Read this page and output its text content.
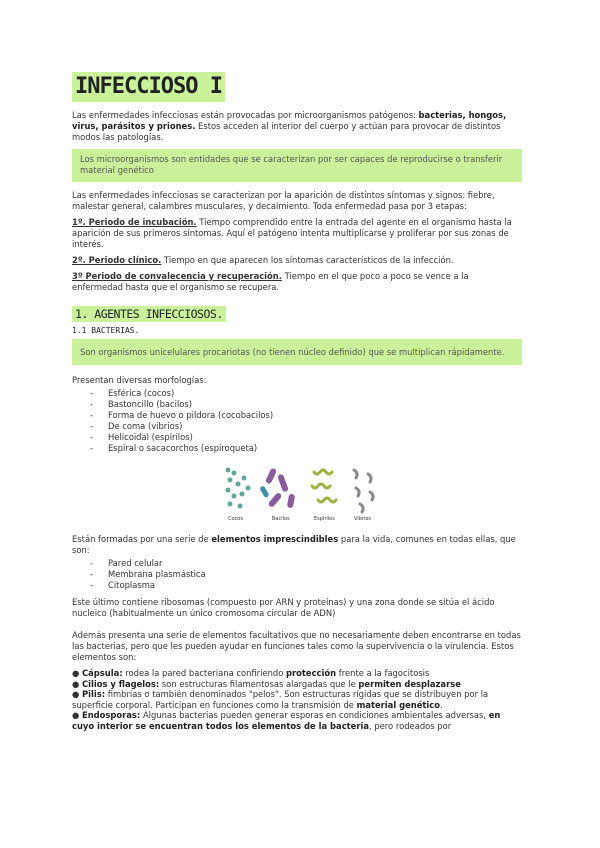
INFECCIOSO I

Las enfermedades infecciosas están provocadas por microorganismos patógenos: bacterias, hongos, virus, parásitos y priones. Estos acceden al interior del cuerpo y actúan para provocar de distintos modos las patologías.

Los microorganismos son entidades que se caracterizan por ser capaces de reproducirse o transferir material genético

Las enfermedades infecciosas se caracterizan por la aparición de distintos síntomas y signos: fiebre, malestar general, calambres musculares, y decaimiento. Toda enfermedad pasa por 3 etapas:

1º. Periodo de incubación. Tiempo comprendido entre la entrada del agente en el organismo hasta la aparición de sus primeros síntomas. Aquí el patógeno intenta multiplicarse y proliferar por sus zonas de interés.

2º. Periodo clínico. Tiempo en que aparecen los síntomas característicos de la infección.

3º Periodo de convalecencia y recuperación. Tiempo en el que poco a poco se vence a la enfermedad hasta que el organismo se recupera.

1. AGENTES INFECCIOSOS.
1.1 BACTERIAS.
Son organismos unicelulares procariotas (no tienen núcleo definido) que se multiplican rápidamente.

Presentan diversas morfologías:

- Esférica (cocos)
- Bastoncillo (bacilos)
- Forma de huevo o pildora (cocobacilos)
- De coma (vibrios)
- Helicoidal (espirilos)
- Espiral o sacacorchos (espiroqueta)
Cocos	Bacilos	Espirilos	Vibrios

Están formadas por una serie de elementos imprescindibles para la vida, comunes en todas ellas, que son:

- Pared celular
- Membrana plasmástica
- Citoplasma

Este último contiene ribosomas (compuesto por ARN y proteínas) y una zona donde se sitúa el ácido nucleico (habitualmente un único cromosoma circular de ADN)

Además presenta una serie de elementos facultativos que no necesariamente deben encontrarse en todas las bacterias, pero que les pueden ayudar en funciones tales como la supervivencia o la virulencia. Estos elementos son:

● Cápsula: rodea la pared bacteriana confiriendo protección frente a la fagocitosis

● Cilios y flagelos: son estructuras filamentosas alargadas que le permiten desplazarse

● Pilis: fimbrias o también denominados "pelos". Son estructuras rígidas que se distribuyen por la superficie corporal. Participan en funciones como la transmisión de material genético.

● Endosporas: Algunas bacterias pueden generar esporas en condiciones ambientales adversas, en cuyo interior se encuentran todos los elementos de la bacteria, pero rodeados por
